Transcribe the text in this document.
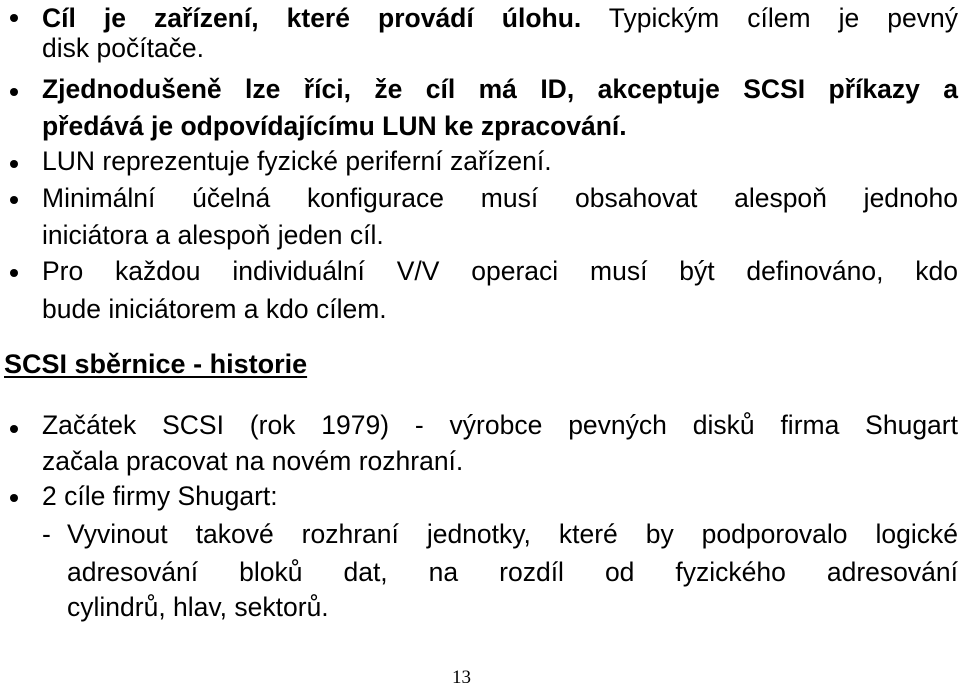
Cíl je zařízení, které provádí úlohu. Typickým cílem je pevný

disk počítače.

Zjednodušeně lze říci, že cíl má ID, akceptuje SCSI příkazy a

předává je odpovídajícímu LUN ke zpracování.

LUN reprezentuje fyzické periferní zařízení.

Minimální účelná konfigurace musí obsahovat alespoň jednoho

iniciátora a alespoň jeden cíl.

Pro každou individuální V/V operaci musí být definováno, kdo

bude iniciátorem a kdo cílem.

SCSI sběrnice - historie

Začátek SCSI (rok 1979) - výrobce pevných disků firma Shugart

začala pracovat na novém rozhraní.

2 cíle firmy Shugart:

- Vyvinout takové rozhraní jednotky, které by podporovalo logické

adresování bloků dat, na rozdíl od fyzického adresování

cylindrů, hlav, sektorů.

13
